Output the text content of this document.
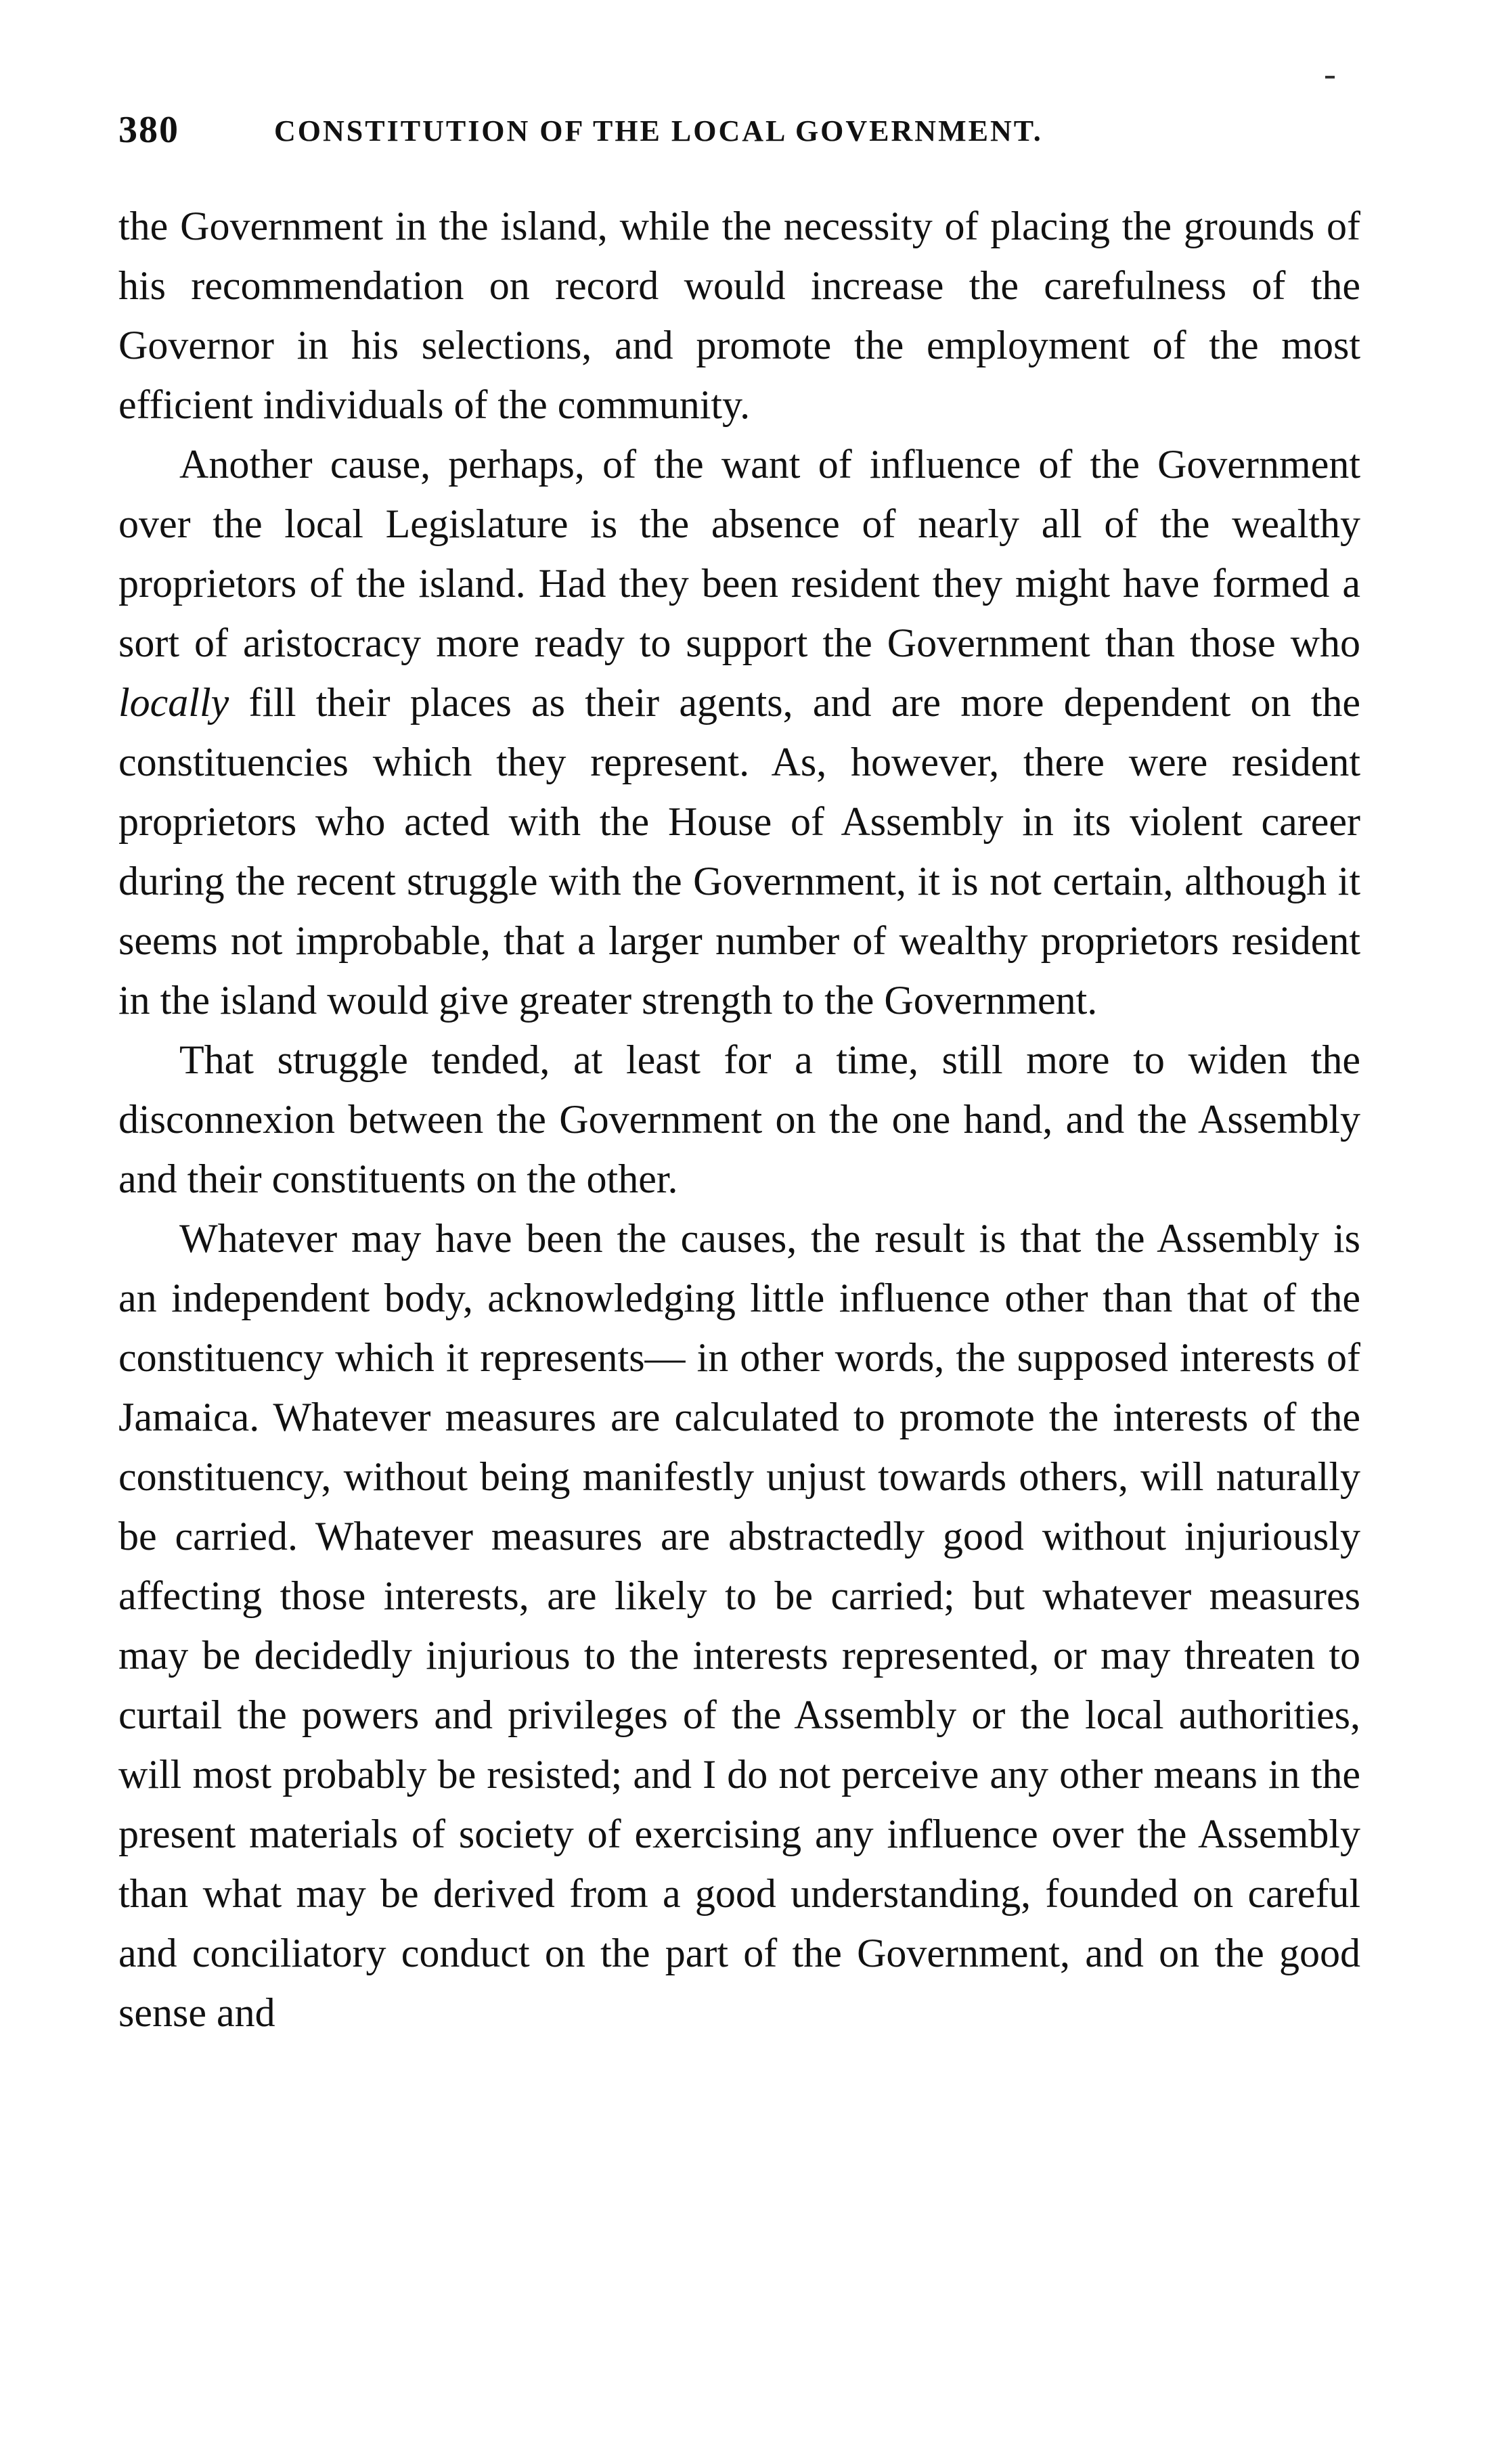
380	CONSTITUTION OF THE LOCAL GOVERNMENT.

the Government in the island, while the necessity of placing the grounds of his recommendation on record would increase the carefulness of the Governor in his selections, and promote the employment of the most efficient individuals of the community.

Another cause, perhaps, of the want of influence of the Government over the local Legislature is the absence of nearly all of the wealthy proprietors of the island. Had they been resident they might have formed a sort of aristocracy more ready to support the Government than those who locally fill their places as their agents, and are more dependent on the constituencies which they represent. As, however, there were resident proprietors who acted with the House of Assembly in its violent career during the recent struggle with the Government, it is not certain, although it seems not improbable, that a larger number of wealthy proprietors resident in the island would give greater strength to the Government.

That struggle tended, at least for a time, still more to widen the disconnexion between the Government on the one hand, and the Assembly and their constituents on the other.

Whatever may have been the causes, the result is that the Assembly is an independent body, acknowledging little influence other than that of the constituency which it represents— in other words, the supposed interests of Jamaica. Whatever measures are calculated to promote the interests of the constituency, without being manifestly unjust towards others, will naturally be carried. Whatever measures are abstractedly good without injuriously affecting those interests, are likely to be carried; but whatever measures may be decidedly injurious to the interests represented, or may threaten to curtail the powers and privileges of the Assembly or the local authorities, will most probably be resisted; and I do not perceive any other means in the present materials of society of exercising any influence over the Assembly than what may be derived from a good understanding, founded on careful and conciliatory conduct on the part of the Government, and on the good sense and
